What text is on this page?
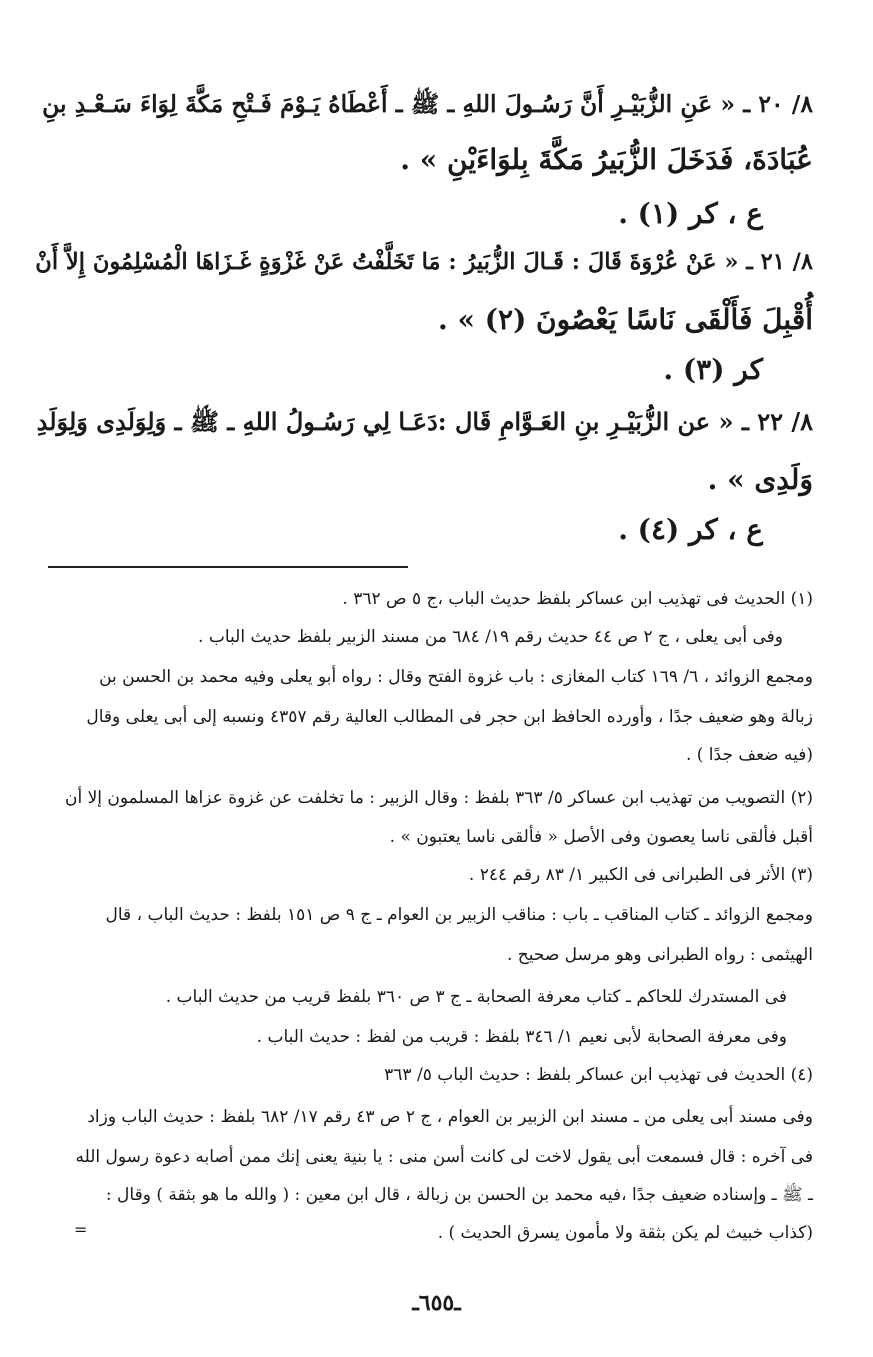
٨/ ٢٠ ـ « عَنِ الزُّبَيْـرِ أَنَّ رَسُـولَ اللهِ ـ ﷺ ـ أَعْطَاهُ يَـوْمَ فَـتْحِ مَكَّةَ لِوَاءَ سَـعْـدِ بنِ
عُبَادَةَ، فَدَخَلَ الزُّبَيرُ مَكَّةَ بِلوَاءَيْنِ » .
ع ، كر (١) .
٨/ ٢١ ـ « عَنْ عُرْوَةَ قَالَ : قَـالَ الزُّبَيرُ : مَا تَخَلَّفْتُ عَنْ غَزْوَةٍ غَـزَاهَا الْمُسْلِمُونَ إِلاَّ أَنْ
أُقْبِلَ فَأَلْقَى نَاسًا يَعْصُونَ (٢) » .
كر (٣) .
٨/ ٢٢ ـ « عن الزُّبَيْـرِ بنِ العَـوَّامِ قَال :دَعَـا لِي رَسُـولُ اللهِ ـ ﷺ ـ وَلِوَلَدِى وَلِوَلَدِ
وَلَدِى » .
ع ، كر (٤) .
(١) الحديث فى تهذيب ابن عساكر بلفظ حديث الباب ،ج ٥ ص ٣٦٢ .
وفى أبى يعلى ، ج ٢ ص ٤٤ حديث رقم ١٩/ ٦٨٤ من مسند الزبير بلفظ حديث الباب .
ومجمع الزوائد ، ٦/ ١٦٩ كتاب المغازى : باب غزوة الفتح وقال : رواه أبو يعلى وفيه محمد بن الحسن بن
زبالة وهو ضعيف جدًا ، وأورده الحافظ ابن حجر فى المطالب العالية رقم ٤٣٥٧ ونسبه إلى أبى يعلى وقال
(فيه ضعف جدًا ) .
(٢) التصويب من تهذيب ابن عساكر ٥/ ٣٦٣ بلفظ : وقال الزبير : ما تخلفت عن غزوة عزاها المسلمون إلا أن
أقبل فألقى ناسا يعصون وفى الأصل « فألقى ناسا يعتبون » .
(٣) الأثر فى الطبرانى فى الكبير ١/ ٨٣ رقم ٢٤٤ .
ومجمع الزوائد ـ كتاب المناقب ـ باب : مناقب الزبير بن العوام ـ ج ٩ ص ١٥١ بلفظ : حديث الباب ، قال
الهيثمى : رواه الطبرانى وهو مرسل صحيح .
فى المستدرك للحاكم ـ كتاب معرفة الصحابة ـ ج ٣ ص ٣٦٠ بلفظ قريب من حديث الباب .
وفى معرفة الصحابة لأبى نعيم ١/ ٣٤٦ بلفظ : قريب من لفظ : حديث الباب .
(٤) الحديث فى تهذيب ابن عساكر بلفظ : حديث الباب ٥/ ٣٦٣
وفى مسند أبى يعلى من ـ مسند ابن الزبير بن العوام ، ج ٢ ص ٤٣ رقم ١٧/ ٦٨٢ بلفظ : حديث الباب وزاد
فى آخره : قال فسمعت أبى يقول لاخت لى كانت أسن منى : يا بنية يعنى إنك ممن أصابه دعوة رسول الله
ـ ﷺ ـ وإسناده ضعيف جدًا ،فيه محمد بن الحسن بن زبالة ، قال ابن معين : ( والله ما هو بثقة ) وقال :
(كذاب خبيث لم يكن بثقة ولا مأمون يسرق الحديث ) .
=
ـ٦٥٥ـ
